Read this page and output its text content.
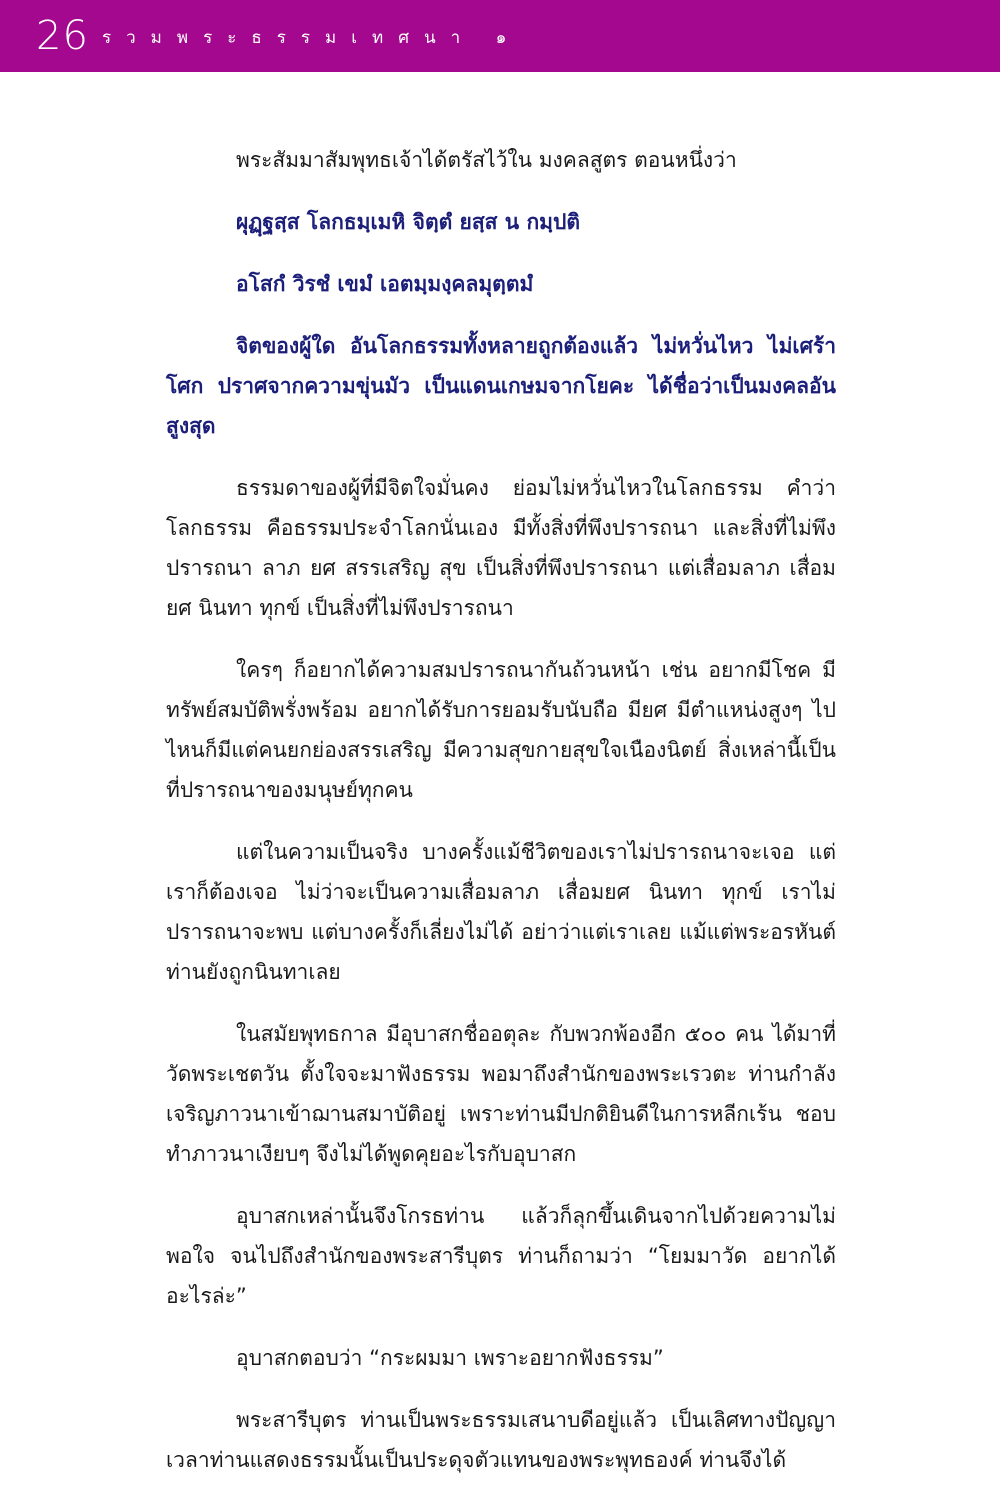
26 รวมพระธรรมเทศนา ๑

พระสัมมาสัมพุทธเจ้าได้ตรัสไว้ใน มงคลสูตร ตอนหนึ่งว่า

ผุฏฺฐสฺส โลกธมฺเมหิ จิตฺตํ ยสฺส น กมฺปติ

อโสกํ วิรชํ เขมํ เอตมฺมงฺคลมุตฺตมํ

จิตของผู้ใด อันโลกธรรมทั้งหลายถูกต้องแล้ว ไม่หวั่นไหว ไม่เศร้าโศก ปราศจากความขุ่นมัว เป็นแดนเกษมจากโยคะ ได้ชื่อว่าเป็นมงคลอันสูงสุด

ธรรมดาของผู้ที่มีจิตใจมั่นคง ย่อมไม่หวั่นไหวในโลกธรรม คำว่า โลกธรรม คือธรรมประจำโลกนั่นเอง มีทั้งสิ่งที่พึงปรารถนา และสิ่งที่ไม่พึงปรารถนา ลาภ ยศ สรรเสริญ สุข เป็นสิ่งที่พึงปรารถนา แต่เสื่อมลาภ เสื่อมยศ นินทา ทุกข์ เป็นสิ่งที่ไม่พึงปรารถนา

ใครๆ ก็อยากได้ความสมปรารถนากันถ้วนหน้า เช่น อยากมีโชค มีทรัพย์สมบัติพรั่งพร้อม อยากได้รับการยอมรับนับถือ มียศ มีตำแหน่งสูงๆ ไปไหนก็มีแต่คนยกย่องสรรเสริญ มีความสุขกายสุขใจเนืองนิตย์ สิ่งเหล่านี้เป็นที่ปรารถนาของมนุษย์ทุกคน

แต่ในความเป็นจริง บางครั้งแม้ชีวิตของเราไม่ปรารถนาจะเจอ แต่เราก็ต้องเจอ ไม่ว่าจะเป็นความเสื่อมลาภ เสื่อมยศ นินทา ทุกข์ เราไม่ปรารถนาจะพบ แต่บางครั้งก็เลี่ยงไม่ได้ อย่าว่าแต่เราเลย แม้แต่พระอรหันต์ท่านยังถูกนินทาเลย

ในสมัยพุทธกาล มีอุบาสกชื่ออตุละ กับพวกพ้องอีก ๕๐๐ คน ได้มาที่วัดพระเชตวัน ตั้งใจจะมาฟังธรรม พอมาถึงสำนักของพระเรวตะ ท่านกำลังเจริญภาวนาเข้าฌานสมาบัติอยู่ เพราะท่านมีปกติยินดีในการหลีกเร้น ชอบทำภาวนาเงียบๆ จึงไม่ได้พูดคุยอะไรกับอุบาสก

อุบาสกเหล่านั้นจึงโกรธท่าน แล้วก็ลุกขึ้นเดินจากไปด้วยความไม่พอใจ จนไปถึงสำนักของพระสารีบุตร ท่านก็ถามว่า “โยมมาวัด อยากได้อะไรล่ะ”

อุบาสกตอบว่า “กระผมมา เพราะอยากฟังธรรม”

พระสารีบุตร ท่านเป็นพระธรรมเสนาบดีอยู่แล้ว เป็นเลิศทางปัญญา เวลาท่านแสดงธรรมนั้นเป็นประดุจตัวแทนของพระพุทธองค์ ท่านจึงได้
